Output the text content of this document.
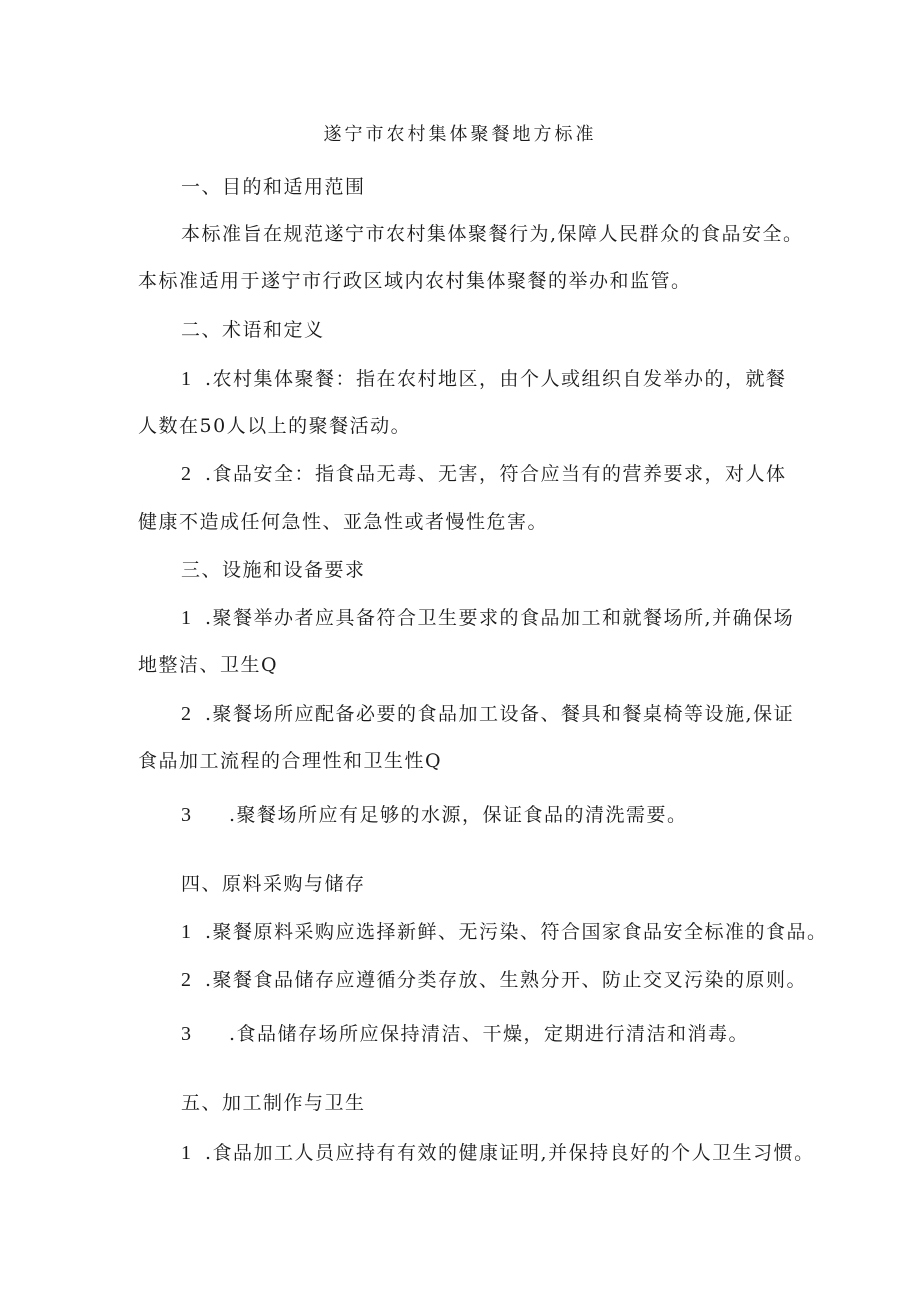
遂宁市农村集体聚餐地方标准
一、目的和适用范围
本标准旨在规范遂宁市农村集体聚餐行为,保障人民群众的食品安全。
本标准适用于遂宁市行政区域内农村集体聚餐的举办和监管。
二、术语和定义
1 .农村集体聚餐：指在农村地区，由个人或组织自发举办的，就餐
人数在50人以上的聚餐活动。
2 .食品安全：指食品无毒、无害，符合应当有的营养要求，对人体
健康不造成任何急性、亚急性或者慢性危害。
三、设施和设备要求
1 .聚餐举办者应具备符合卫生要求的食品加工和就餐场所,并确保场
地整洁、卫生Q
2 .聚餐场所应配备必要的食品加工设备、餐具和餐桌椅等设施,保证
食品加工流程的合理性和卫生性Q
3 .聚餐场所应有足够的水源，保证食品的清洗需要。
四、原料采购与储存
1 .聚餐原料采购应选择新鲜、无污染、符合国家食品安全标准的食品。
2 .聚餐食品储存应遵循分类存放、生熟分开、防止交叉污染的原则。
3 .食品储存场所应保持清洁、干燥，定期进行清洁和消毒。
五、加工制作与卫生
1 .食品加工人员应持有有效的健康证明,并保持良好的个人卫生习惯。
